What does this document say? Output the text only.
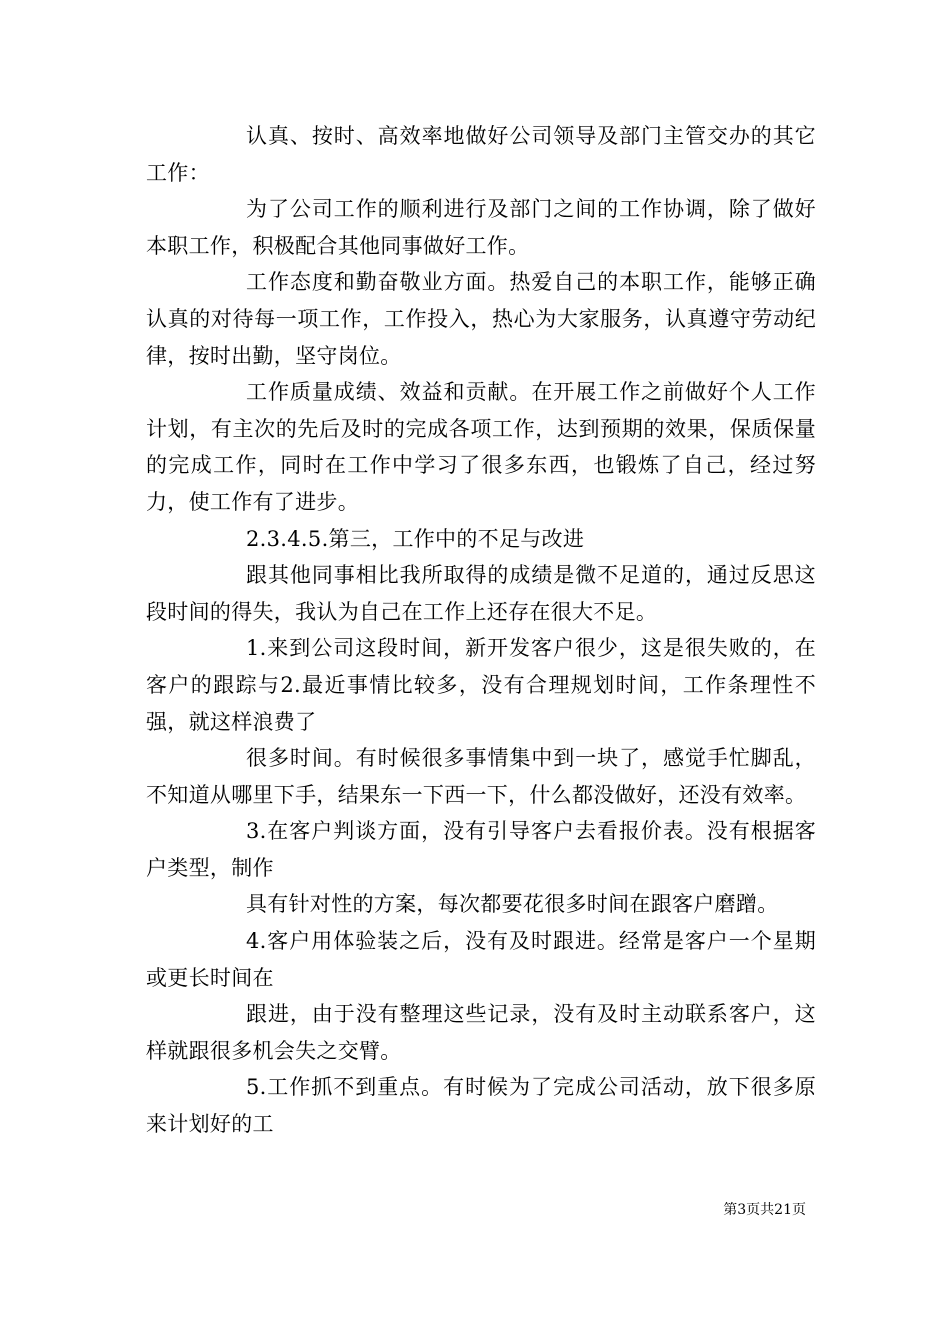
认真、按时、高效率地做好公司领导及部门主管交办的其它工作：

为了公司工作的顺利进行及部门之间的工作协调，除了做好本职工作，积极配合其他同事做好工作。

工作态度和勤奋敬业方面。热爱自己的本职工作，能够正确认真的对待每一项工作，工作投入，热心为大家服务，认真遵守劳动纪律，按时出勤，坚守岗位。

工作质量成绩、效益和贡献。在开展工作之前做好个人工作计划，有主次的先后及时的完成各项工作，达到预期的效果，保质保量的完成工作，同时在工作中学习了很多东西，也锻炼了自己，经过努力，使工作有了进步。

2.3.4.5.第三，工作中的不足与改进

跟其他同事相比我所取得的成绩是微不足道的，通过反思这段时间的得失，我认为自己在工作上还存在很大不足。

1.来到公司这段时间，新开发客户很少，这是很失败的，在客户的跟踪与2.最近事情比较多，没有合理规划时间，工作条理性不强，就这样浪费了

很多时间。有时候很多事情集中到一块了，感觉手忙脚乱，不知道从哪里下手，结果东一下西一下，什么都没做好，还没有效率。

3.在客户判谈方面，没有引导客户去看报价表。没有根据客户类型，制作

具有针对性的方案，每次都要花很多时间在跟客户磨蹭。

4.客户用体验装之后，没有及时跟进。经常是客户一个星期或更长时间在

跟进，由于没有整理这些记录，没有及时主动联系客户，这样就跟很多机会失之交臂。

5.工作抓不到重点。有时候为了完成公司活动，放下很多原来计划好的工

第3页共21页
